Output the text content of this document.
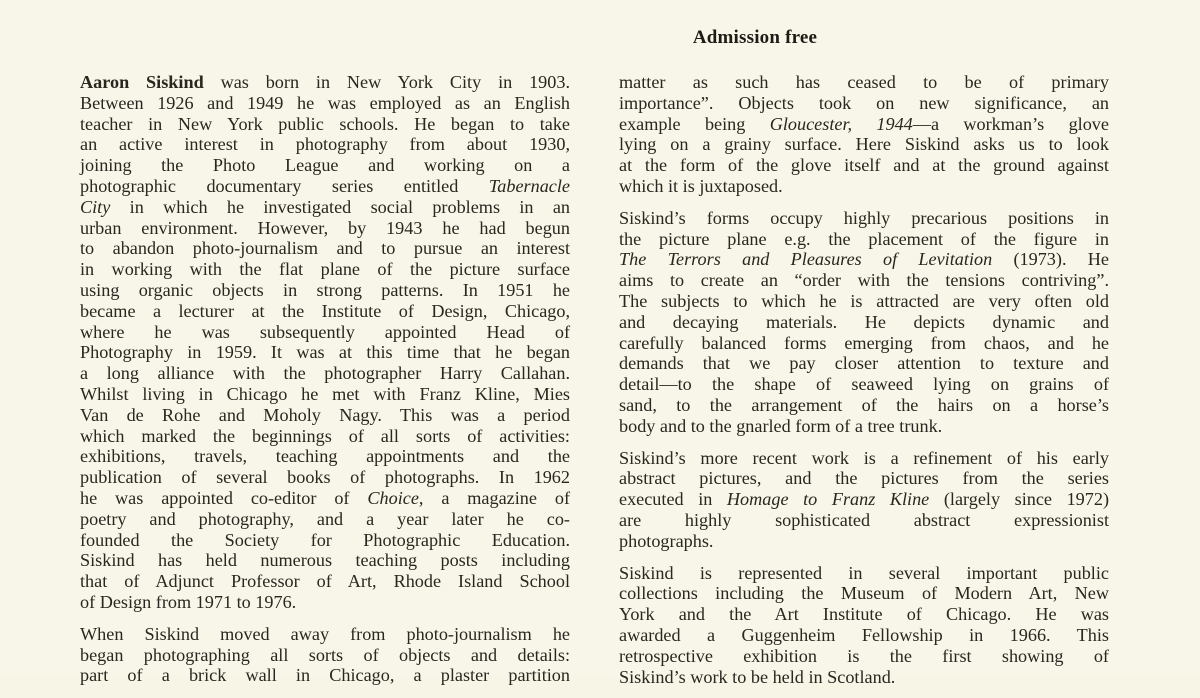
Admission free
Aaron Siskind was born in New York City in 1903.
Between 1926 and 1949 he was employed as an English
teacher in New York public schools. He began to take
an active interest in photography from about 1930,
joining the Photo League and working on a
photographic documentary series entitled Tabernacle
City in which he investigated social problems in an
urban environment. However, by 1943 he had begun
to abandon photo-journalism and to pursue an interest
in working with the flat plane of the picture surface
using organic objects in strong patterns. In 1951 he
became a lecturer at the Institute of Design, Chicago,
where he was subsequently appointed Head of
Photography in 1959. It was at this time that he began
a long alliance with the photographer Harry Callahan.
Whilst living in Chicago he met with Franz Kline, Mies
Van de Rohe and Moholy Nagy. This was a period
which marked the beginnings of all sorts of activities:
exhibitions, travels, teaching appointments and the
publication of several books of photographs. In 1962
he was appointed co-editor of Choice, a magazine of
poetry and photography, and a year later he co-
founded the Society for Photographic Education.
Siskind has held numerous teaching posts including
that of Adjunct Professor of Art, Rhode Island School
of Design from 1971 to 1976.
When Siskind moved away from photo-journalism he
began photographing all sorts of objects and details:
part of a brick wall in Chicago, a plaster partition
matter as such has ceased to be of primary
importance”. Objects took on new significance, an
example being Gloucester, 1944—a workman’s glove
lying on a grainy surface. Here Siskind asks us to look
at the form of the glove itself and at the ground against
which it is juxtaposed.
Siskind’s forms occupy highly precarious positions in
the picture plane e.g. the placement of the figure in
The Terrors and Pleasures of Levitation (1973). He
aims to create an “order with the tensions contriving”.
The subjects to which he is attracted are very often old
and decaying materials. He depicts dynamic and
carefully balanced forms emerging from chaos, and he
demands that we pay closer attention to texture and
detail—to the shape of seaweed lying on grains of
sand, to the arrangement of the hairs on a horse’s
body and to the gnarled form of a tree trunk.
Siskind’s more recent work is a refinement of his early
abstract pictures, and the pictures from the series
executed in Homage to Franz Kline (largely since 1972)
are highly sophisticated abstract expressionist
photographs.
Siskind is represented in several important public
collections including the Museum of Modern Art, New
York and the Art Institute of Chicago. He was
awarded a Guggenheim Fellowship in 1966. This
retrospective exhibition is the first showing of
Siskind’s work to be held in Scotland.
